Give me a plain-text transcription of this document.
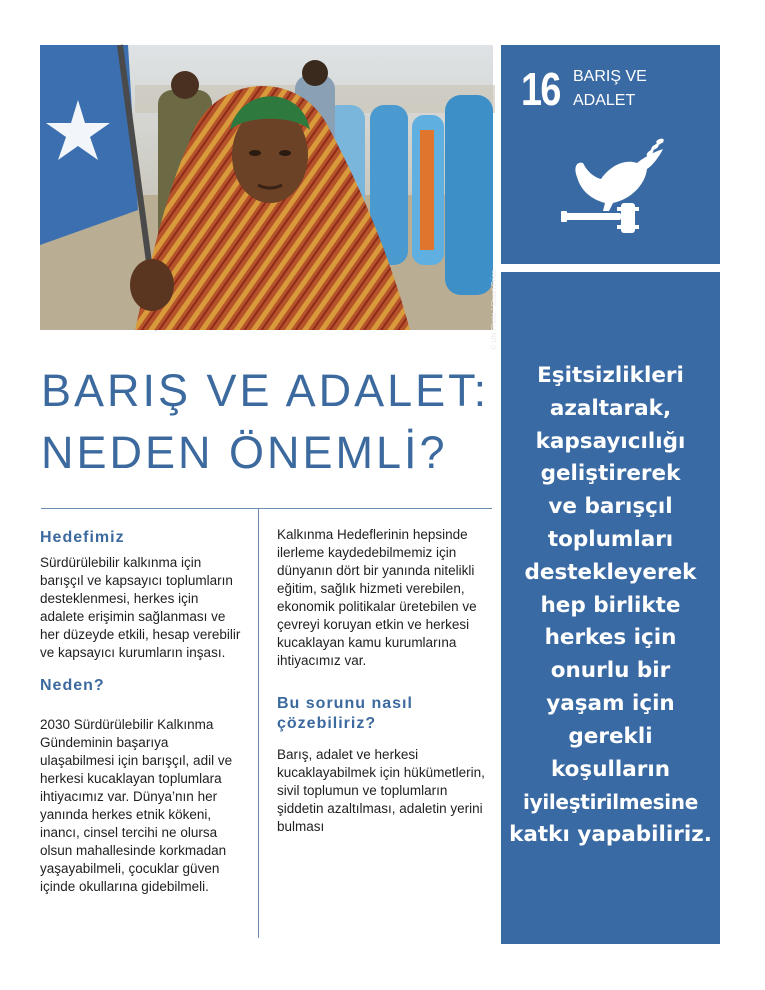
© UN Photo / Stuart Price
16 BARIŞ VE ADALET
BARIŞ VE ADALET:
NEDEN ÖNEMLİ?
Hedefimiz

Sürdürülebilir kalkınma için barışçıl ve kapsayıcı toplumların desteklenmesi, herkes için adalete erişimin sağlanması ve her düzeyde etkili, hesap verebilir ve kapsayıcı kurumların inşası.

Neden?

2030 Sürdürülebilir Kalkınma Gündeminin başarıya ulaşabilmesi için barışçıl, adil ve herkesi kucaklayan toplumlara ihtiyacımız var. Dünya’nın her yanında herkes etnik kökeni, inancı, cinsel tercihi ne olursa olsun mahallesinde korkmadan yaşayabilmeli, çocuklar güven içinde okullarına gidebilmeli.

Kalkınma Hedeflerinin hepsinde ilerleme kaydedebilmemiz için dünyanın dört bir yanında nitelikli eğitim, sağlık hizmeti verebilen, ekonomik politikalar üretebilen ve çevreyi koruyan etkin ve herkesi kucaklayan kamu kurumlarına ihtiyacımız var.

Bu sorunu nasıl çözebiliriz?

Barış, adalet ve herkesi kucaklayabilmek için hükümetlerin, sivil toplumun ve toplumların şiddetin azaltılması, adaletin yerini bulması

Eşitsizlikleri
azaltarak,
kapsayıcılığı
geliştirerek
ve barışçıl
toplumları
destekleyerek
hep birlikte
herkes için
onurlu bir
yaşam için
gerekli
koşulların
iyileştirilmesine
katkı yapabiliriz.
